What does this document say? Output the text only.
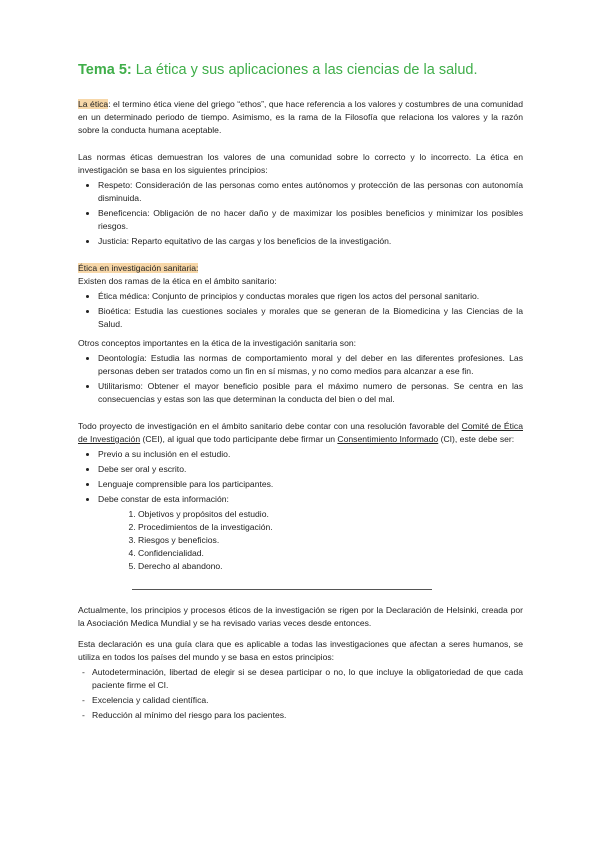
Tema 5: La ética y sus aplicaciones a las ciencias de la salud.

La ética: el termino ética viene del griego “ethos”, que hace referencia a los valores y costumbres de una comunidad en un determinado periodo de tiempo. Asimismo, es la rama de la Filosofía que relaciona los valores y la razón sobre la conducta humana aceptable.

Las normas éticas demuestran los valores de una comunidad sobre lo correcto y lo incorrecto. La ética en investigación se basa en los siguientes principios:

• Respeto: Consideración de las personas como entes autónomos y protección de las personas con autonomía disminuida.
• Beneficencia: Obligación de no hacer daño y de maximizar los posibles beneficios y minimizar los posibles riesgos.
• Justicia: Reparto equitativo de las cargas y los beneficios de la investigación.

Ética en investigación sanitaria:

Existen dos ramas de la ética en el ámbito sanitario:

• Ética médica: Conjunto de principios y conductas morales que rigen los actos del personal sanitario.
• Bioética: Estudia las cuestiones sociales y morales que se generan de la Biomedicina y las Ciencias de la Salud.

Otros conceptos importantes en la ética de la investigación sanitaria son:

• Deontología: Estudia las normas de comportamiento moral y del deber en las diferentes profesiones. Las personas deben ser tratados como un fin en sí mismas, y no como medios para alcanzar a ese fin.
• Utilitarismo: Obtener el mayor beneficio posible para el máximo numero de personas. Se centra en las consecuencias y estas son las que determinan la conducta del bien o del mal.

Todo proyecto de investigación en el ámbito sanitario debe contar con una resolución favorable del Comité de Ética de Investigación (CEI), al igual que todo participante debe firmar un Consentimiento Informado (CI), este debe ser:

• Previo a su inclusión en el estudio.
• Debe ser oral y escrito.
• Lenguaje comprensible para los participantes.
• Debe constar de esta información:
1. Objetivos y propósitos del estudio.
2. Procedimientos de la investigación.
3. Riesgos y beneficios.
4. Confidencialidad.
5. Derecho al abandono.

Actualmente, los principios y procesos éticos de la investigación se rigen por la Declaración de Helsinki, creada por la Asociación Medica Mundial y se ha revisado varias veces desde entonces.

Esta declaración es una guía clara que es aplicable a todas las investigaciones que afectan a seres humanos, se utiliza en todos los países del mundo y se basa en estos principios:

- Autodeterminación, libertad de elegir si se desea participar o no, lo que incluye la obligatoriedad de que cada paciente firme el CI.
- Excelencia y calidad científica.
- Reducción al mínimo del riesgo para los pacientes.
